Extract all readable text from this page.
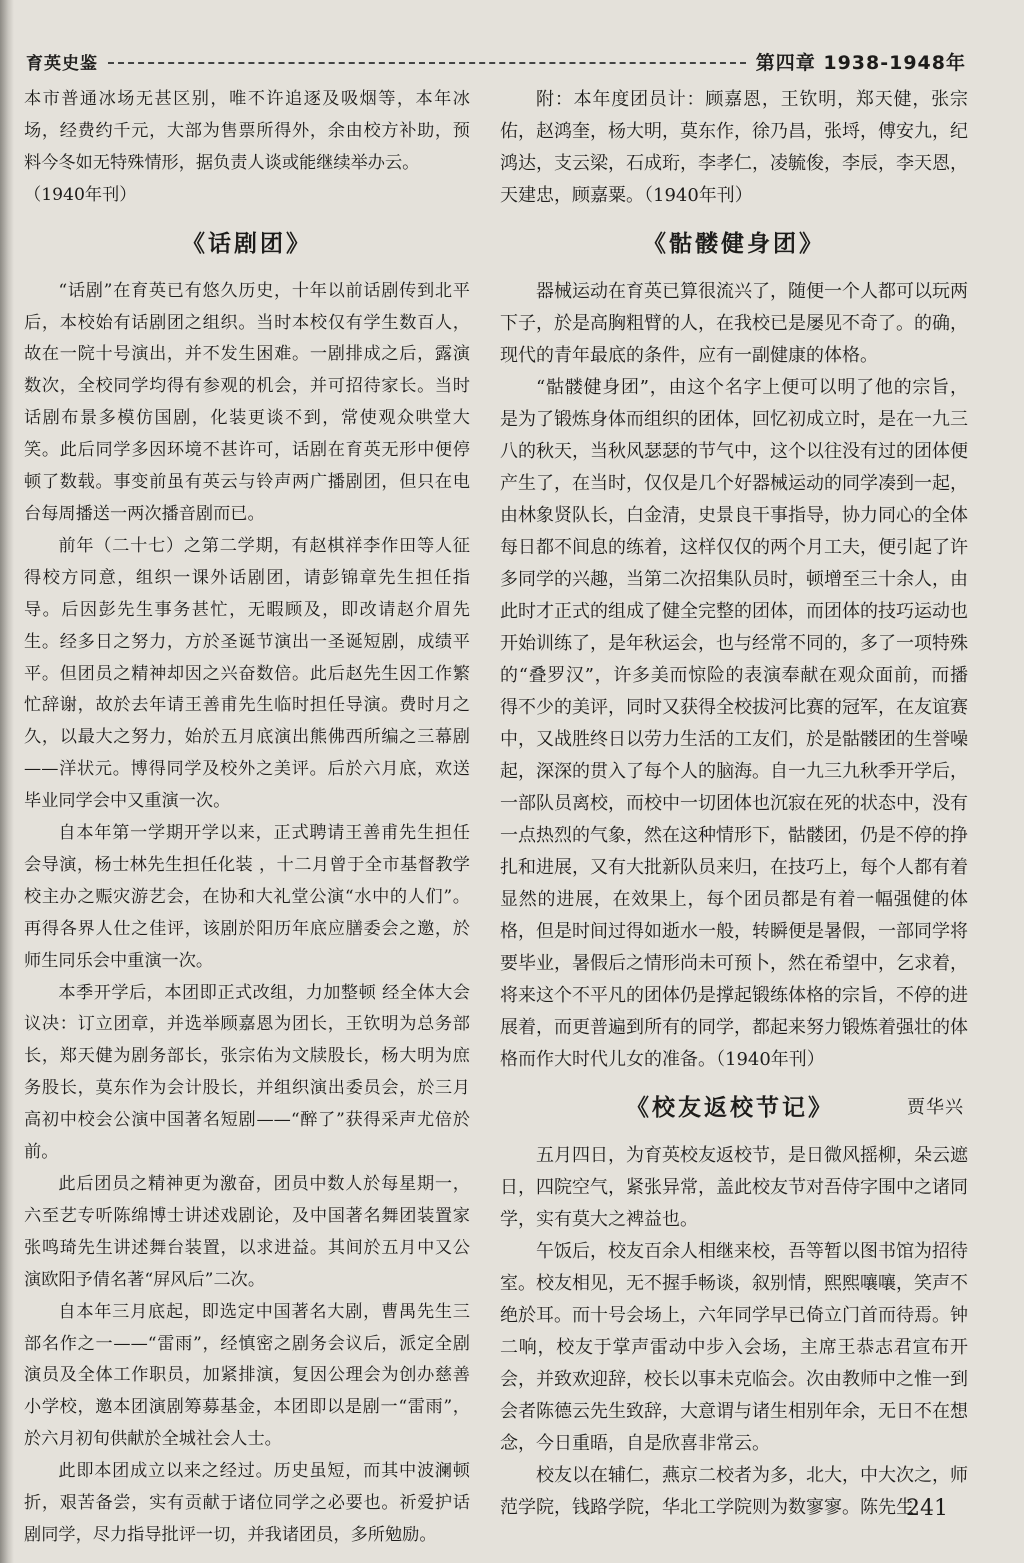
育英史鉴	第四章 1938-1948年

本市普通冰场无甚区别，唯不许追逐及吸烟等，本年冰场，经费约千元，大部为售票所得外，余由校方补助，预料今冬如无特殊情形，据负责人谈或能继续举办云。

（1940年刊）

《话剧团》

“话剧”在育英已有悠久历史，十年以前话剧传到北平后，本校始有话剧团之组织。当时本校仅有学生数百人，故在一院十号演出，并不发生困难。一剧排成之后，露演数次，全校同学均得有参观的机会，并可招待家长。当时话剧布景多模仿国剧，化装更谈不到，常使观众哄堂大笑。此后同学多因环境不甚许可，话剧在育英无形中便停顿了数载。事变前虽有英云与铃声两广播剧团，但只在电台每周播送一两次播音剧而已。

前年（二十七）之第二学期，有赵棋祥李作田等人征得校方同意，组织一课外话剧团，请彭锦章先生担任指导。后因彭先生事务甚忙，无暇顾及，即改请赵介眉先生。经多日之努力，方於圣诞节演出一圣诞短剧，成绩平平。但团员之精神却因之兴奋数倍。此后赵先生因工作繁忙辞谢，故於去年请王善甫先生临时担任导演。费时月之久，以最大之努力，始於五月底演出熊佛西所编之三幕剧——洋状元。博得同学及校外之美评。后於六月底，欢送毕业同学会中又重演一次。

自本年第一学期开学以来，正式聘请王善甫先生担任会导演，杨士林先生担任化装 ，十二月曾于全市基督教学校主办之赈灾游艺会，在协和大礼堂公演“水中的人们”。再得各界人仕之佳评，该剧於阳历年底应膳委会之邀，於师生同乐会中重演一次。

本季开学后，本团即正式改组，力加整顿 经全体大会议决：订立团章，并选举顾嘉恩为团长，王钦明为总务部长，郑天健为剧务部长，张宗佑为文牍股长，杨大明为庶务股长，莫东作为会计股长，并组织演出委员会，於三月高初中校会公演中国著名短剧——“醉了”获得采声尤倍於前。

此后团员之精神更为激奋，团员中数人於每星期一，六至艺专听陈绵博士讲述戏剧论，及中国著名舞团装置家张鸣琦先生讲述舞台装置，以求进益。其间於五月中又公演欧阳予倩名著“屏风后”二次。

自本年三月底起，即选定中国著名大剧，曹禺先生三部名作之一——“雷雨”，经慎密之剧务会议后，派定全剧演员及全体工作职员，加紧排演，复因公理会为创办慈善小学校，邀本团演剧筹募基金，本团即以是剧一“雷雨”，於六月初旬供献於全城社会人士。

此即本团成立以来之经过。历史虽短，而其中波澜顿折，艰苦备尝，实有贡献于诸位同学之必要也。祈爱护话剧同学，尽力指导批评一切，并我诸团员，多所勉励。

附：本年度团员计：顾嘉恩，王钦明，郑天健，张宗佑，赵鸿奎，杨大明，莫东作，徐乃昌，张埒，傅安九，纪鸿达，支云梁，石成珩，李孝仁，凌毓俊，李辰，李天恩，天建忠，顾嘉粟。（1940年刊）

《骷髅健身团》

器械运动在育英已算很流兴了，随便一个人都可以玩两下子，於是高胸粗臂的人，在我校已是屡见不奇了。的确，现代的青年最底的条件，应有一副健康的体格。

“骷髅健身团”，由这个名字上便可以明了他的宗旨，是为了锻炼身体而组织的团体，回忆初成立时，是在一九三八的秋天，当秋风瑟瑟的节气中，这个以往没有过的团体便产生了，在当时，仅仅是几个好器械运动的同学凑到一起，由林象贤队长，白金清，史景良干事指导，协力同心的全体每日都不间息的练着，这样仅仅的两个月工夫，便引起了许多同学的兴趣，当第二次招集队员时，顿增至三十余人，由此时才正式的组成了健全完整的团体，而团体的技巧运动也开始训练了，是年秋运会，也与经常不同的，多了一项特殊的“叠罗汉”，许多美而惊险的表演奉献在观众面前，而播得不少的美评，同时又获得全校拔河比赛的冠军，在友谊赛中，又战胜终日以劳力生活的工友们，於是骷髅团的生誉噪起，深深的贯入了每个人的脑海。自一九三九秋季开学后，一部队员离校，而校中一切团体也沉寂在死的状态中，没有一点热烈的气象，然在这种情形下，骷髅团，仍是不停的挣扎和进展，又有大批新队员来归，在技巧上，每个人都有着显然的进展，在效果上，每个团员都是有着一幅强健的体格，但是时间过得如逝水一般，转瞬便是暑假，一部同学将要毕业，暑假后之情形尚未可预卜，然在希望中，乞求着，将来这个不平凡的团体仍是撑起锻练体格的宗旨，不停的进展着，而更普遍到所有的同学，都起来努力锻炼着强壮的体格而作大时代儿女的准备。（1940年刊）

《校友返校节记》	贾华兴

五月四日，为育英校友返校节，是日微风摇柳，朵云遮日，四院空气，紧张异常，盖此校友节对吾侍字围中之诸同学，实有莫大之裨益也。

午饭后，校友百余人相继来校，吾等暂以图书馆为招待室。校友相见，无不握手畅谈，叙别情，熙熙嚷嚷，笑声不绝於耳。而十号会场上，六年同学早已倚立门首而待焉。钟二响，校友于掌声雷动中步入会场，主席王恭志君宣布开会，并致欢迎辞，校长以事未克临会。次由教师中之惟一到会者陈德云先生致辞，大意谓与诸生相别年余，无日不在想念，今日重晤，自是欣喜非常云。

校友以在辅仁，燕京二校者为多，北大，中大次之，师范学院，钱路学院，华北工学院则为数寥寥。陈先生

241
